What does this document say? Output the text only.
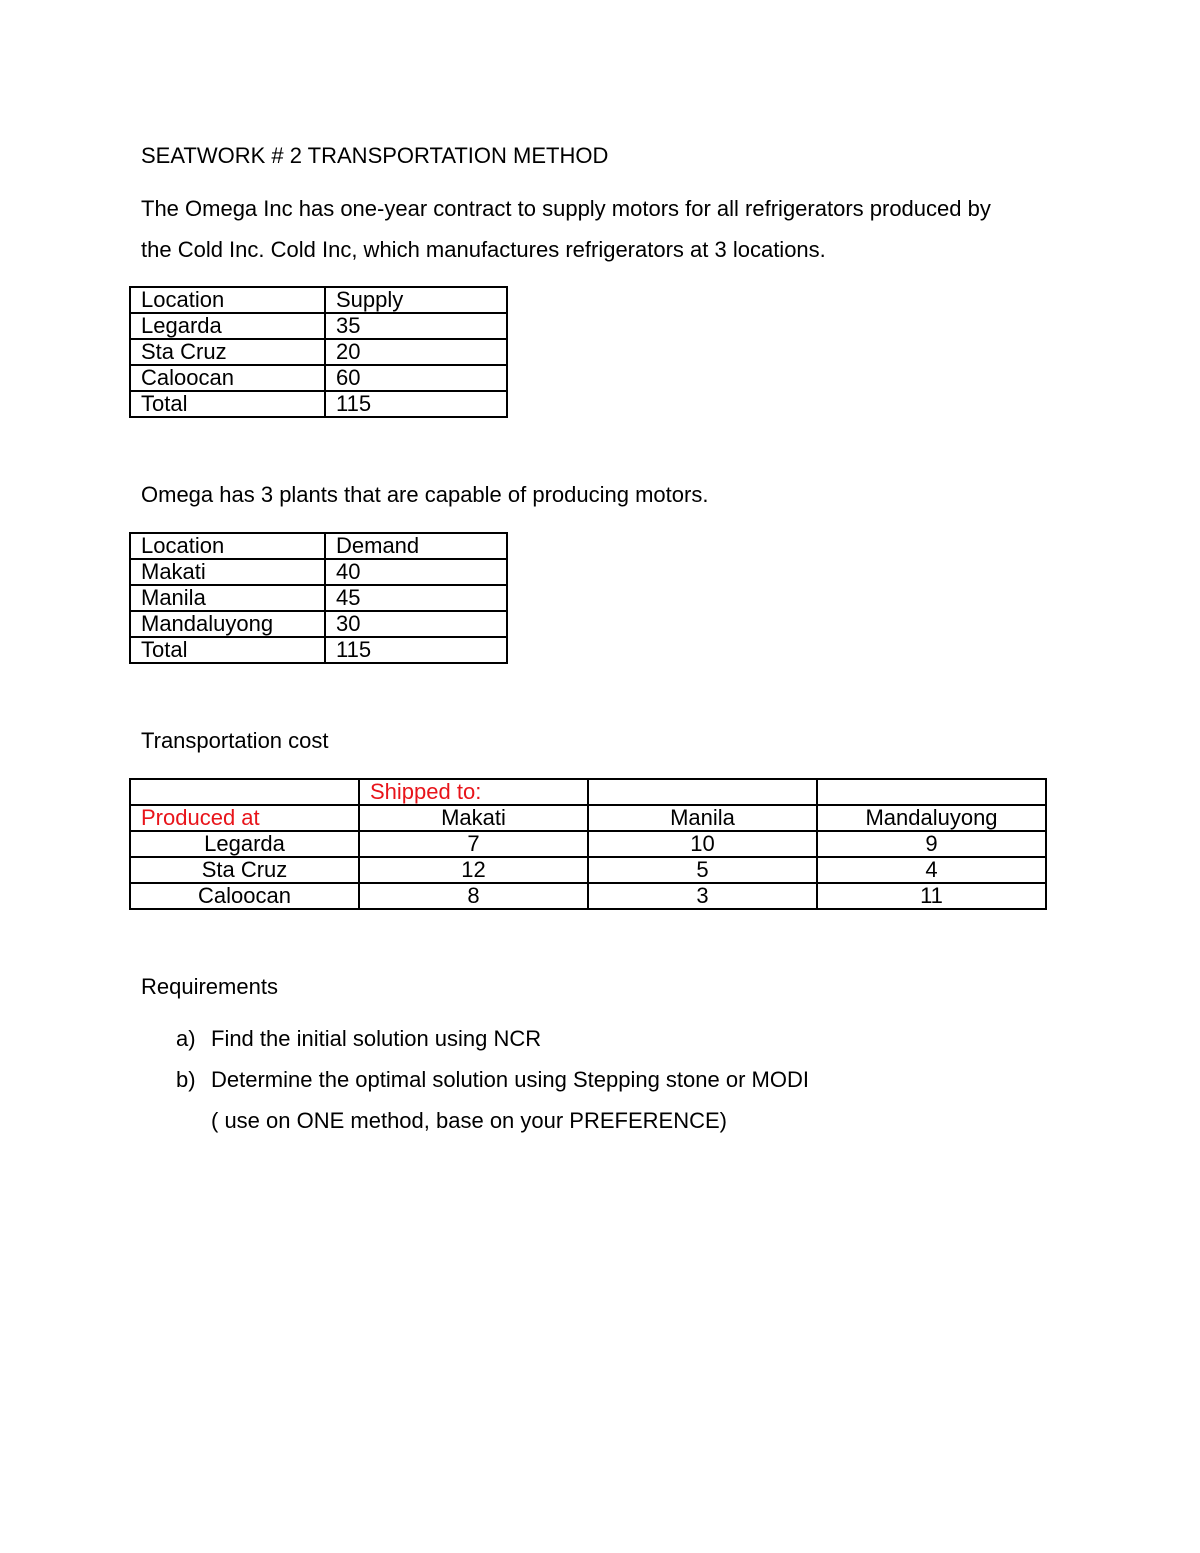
SEATWORK # 2 TRANSPORTATION METHOD
The Omega Inc has one-year contract to supply motors for all refrigerators produced by
the Cold Inc. Cold Inc, which manufactures refrigerators at 3 locations.
Location	Supply
Legarda	35
Sta Cruz	20
Caloocan	60
Total	115
Omega has 3 plants that are capable of producing motors.
Location	Demand
Makati	40
Manila	45
Mandaluyong	30
Total	115
Transportation cost
	Shipped to:		
Produced at	Makati	Manila	Mandaluyong
Legarda	7	10	9
Sta Cruz	12	5	4
Caloocan	8	3	11
Requirements
a) Find the initial solution using NCR
b) Determine the optimal solution using Stepping stone or MODI
( use on ONE method, base on your PREFERENCE)
